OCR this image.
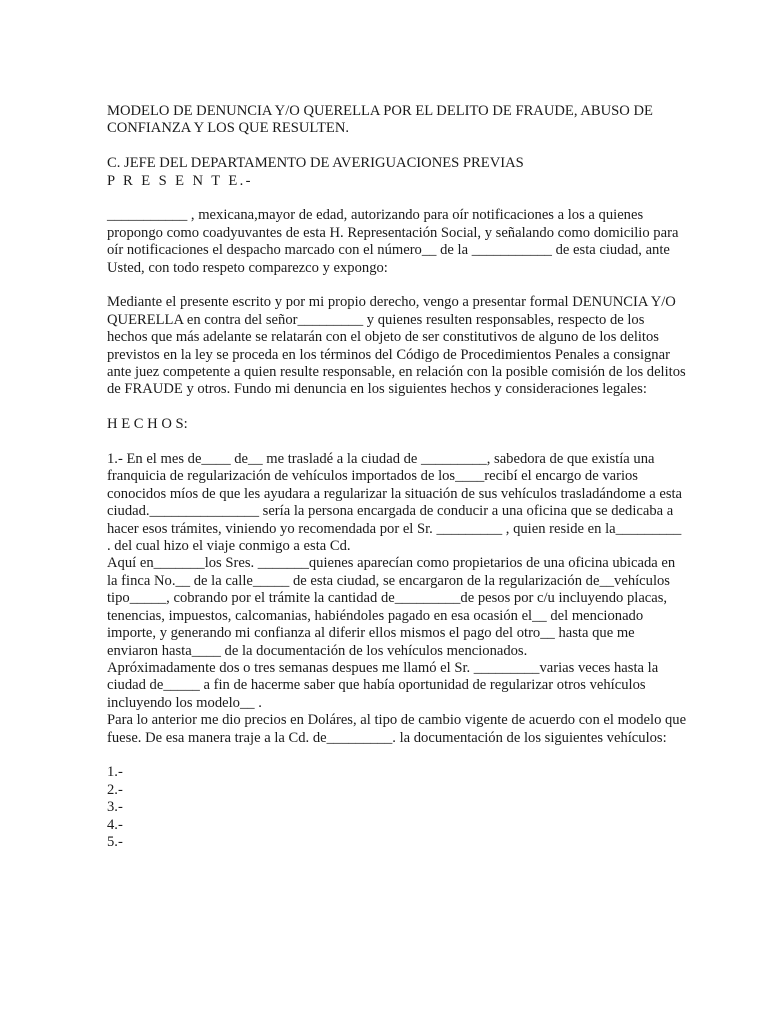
MODELO DE DENUNCIA Y/O QUERELLA POR EL DELITO DE FRAUDE, ABUSO DE CONFIANZA Y LOS QUE RESULTEN.

C. JEFE DEL DEPARTAMENTO DE AVERIGUACIONES PREVIAS

P R E S E N T E.-

___________ , mexicana,mayor de edad, autorizando para oír notificaciones a los a quienes propongo como coadyuvantes de esta H. Representación Social, y señalando como domicilio para oír notificaciones el despacho marcado con el número__ de la ___________ de esta ciudad, ante Usted, con todo respeto comparezco y expongo:

Mediante el presente escrito y por mi propio derecho, vengo a presentar formal DENUNCIA Y/O QUERELLA en contra del señor_________ y quienes resulten responsables, respecto de los hechos que más adelante se relatarán con el objeto de ser constitutivos de alguno de los delitos previstos en la ley se proceda en los términos del Código de Procedimientos Penales a consignar ante juez competente a quien resulte responsable, en relación con la posible comisión de los delitos de FRAUDE y otros. Fundo mi denuncia en los siguientes hechos y consideraciones legales:

H E C H O S:

1.- En el mes de____ de__ me trasladé a la ciudad de _________, sabedora de que existía una franquicia de regularización de vehículos importados de los____recibí el encargo de varios conocidos míos de que les ayudara a regularizar la situación de sus vehículos trasladándome a esta ciudad._______________ sería la persona encargada de conducir a una oficina que se dedicaba a hacer esos trámites, viniendo yo recomendada por el Sr. _________ , quien reside en la_________ . del cual hizo el viaje conmigo a esta Cd.

Aquí en_______los Sres. _______quienes aparecían como propietarios de una oficina ubicada en la finca No.__ de la calle_____ de esta ciudad, se encargaron de la regularización de__vehículos tipo_____, cobrando por el trámite la cantidad de_________de pesos por c/u incluyendo placas, tenencias, impuestos, calcomanias, habiéndoles pagado en esa ocasión el__ del mencionado importe, y generando mi confianza al diferir ellos mismos el pago del otro__ hasta que me enviaron hasta____ de la documentación de los vehículos mencionados.

Apróximadamente dos o tres semanas despues me llamó el Sr. _________varias veces hasta la ciudad de_____ a fin de hacerme saber que había oportunidad de regularizar otros vehículos incluyendo los modelo__ .

Para lo anterior me dio precios en Doláres, al tipo de cambio vigente de acuerdo con el modelo que fuese. De esa manera traje a la Cd. de_________. la documentación de los siguientes vehículos:

1.-

2.-

3.-

4.-

5.-
